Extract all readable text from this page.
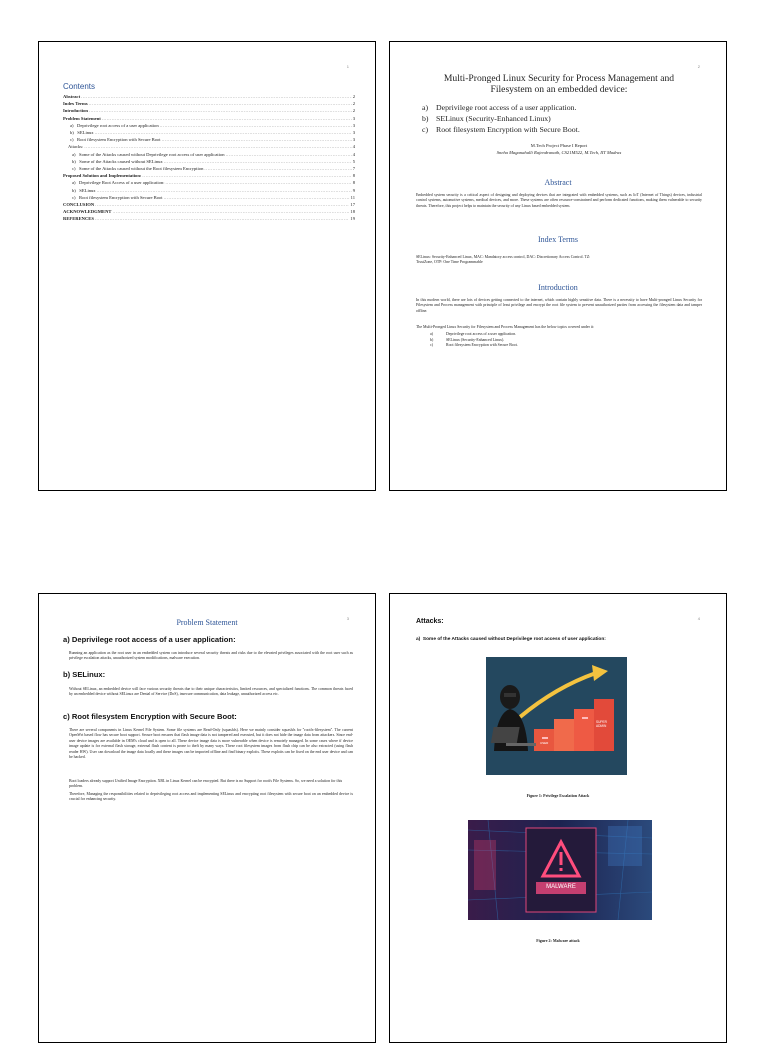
1
Contents
Abstract .....	2
Index Terms .....	2
Introduction .....	2
Problem Statement .....	3
a)   Deprivilege root access of a user application .....	3
b)   SELinux .....	3
c)   Root filesystem Encryption with Secure Boot .....	3
Attacks: .....	4
a)   Some of the Attacks caused without Deprivilege root access of user application .....	4
b)   Some of the Attacks caused without SELinux .....	5
c)   Some of the Attacks caused without the Root filesystem Encryption .....	7
Proposed Solution and Implementation: .....	8
a)   Deprivilege Root Access of a user application: .....	8
b)   SELinux .....	9
c)   Root filesystem Encryption with Secure Boot .....	11
CONCLUSION .....	17
ACKNOWLEDGMENT .....	18
REFERENCES .....	19
2
Multi-Pronged Linux Security for Process Management and
Filesystem on an embedded device:
a) Deprivilege root access of a user application.
b) SELinux (Security-Enhanced Linux)
c) Root filesystem Encryption with Secure Boot.
M.Tech Project Phase I Report
Sneha Maganahalli Rajendranath, CS21M522, M.Tech, IIT Madras
Abstract
Embedded system security is a critical aspect of designing and deploying devices that are integrated with embedded systems, such as IoT (Internet of Things) devices, industrial control systems, automotive systems, medical devices, and more. These systems are often resource-constrained and perform dedicated functions, making them vulnerable to security threats. Therefore, this project helps to maintain the security of any Linux based embedded system.
Index Terms
SELinux: Security-Enhanced Linux, MAC: Mandatory access control, DAC: Discretionary Access Control. TZ: TrustZone, OTP: One Time Programmable
Introduction
In this modern world, there are lots of devices getting connected to the internet, which contain highly sensitive data. There is a necessity to have Multi-pronged Linux Security for Filesystem and Process management with principle of least privilege and encrypt the root file system to prevent unauthorized parties from accessing the filesystem data and tamper offline.
The Multi-Pronged Linux Security for Filesystem and Process Management has the below topics covered under it:
a)	Deprivilege root access of a user application.
b)	SELinux (Security-Enhanced Linux).
c)	Root filesystem Encryption with Secure Boot.
3
Problem Statement
a) Deprivilege root access of a user application:
Running an application as the root user in an embedded system can introduce several security threats and risks due to the elevated privileges associated with the root user such as privilege escalation attacks, unauthorized system modifications, malware execution.
b) SELinux:
Without SELinux, an embedded device will face various security threats due to their unique characteristics, limited resources, and specialized functions. The common threats faced by an embedded device without SELinux are Denial of Service (DoS), insecure communication, data leakage, unauthorized access etc.
c) Root filesystem Encryption with Secure Boot:
There are several components in Linux Kernel File System. Some file systems are Read-Only (squashfs). Here we mainly consider squashfs for "rootfs-filesystem". The current OpenWrt based flow has secure boot support. Secure boot ensures that flash image data is not tampered and executed, but it does not hide the image data from attackers. Since end-user device images are available in OEM's cloud and is open to all. These device image data is more vulnerable when device is remotely managed. In some cases where if device image update is for external flash storage, external flash content is prone to theft by many ways. These root filesystem images from flash chip can be also extracted (using flash reader HW). User can download the image data locally and these images can be imported offline and find binary exploits. These exploits can be fixed on the end user device and can be hacked.
Boot loaders already support Unified Image Encryption. XBL in Linux Kernel can be encrypted. But there is no Support for rootfs File Systems. So, we need a solution for this problem.
Therefore, Managing the responsibilities related to deprivileging root access and implementing SELinux and encrypting root filesystem with secure boot on an embedded device is crucial for enhancing security.
4
Attacks:
a)  Some of the Attacks caused without Deprivilege root access of user application:
USER
SUPER
ADMIN
Figure 1: Privilege Escalation Attack
MALWARE
Figure 2: Malware attack
